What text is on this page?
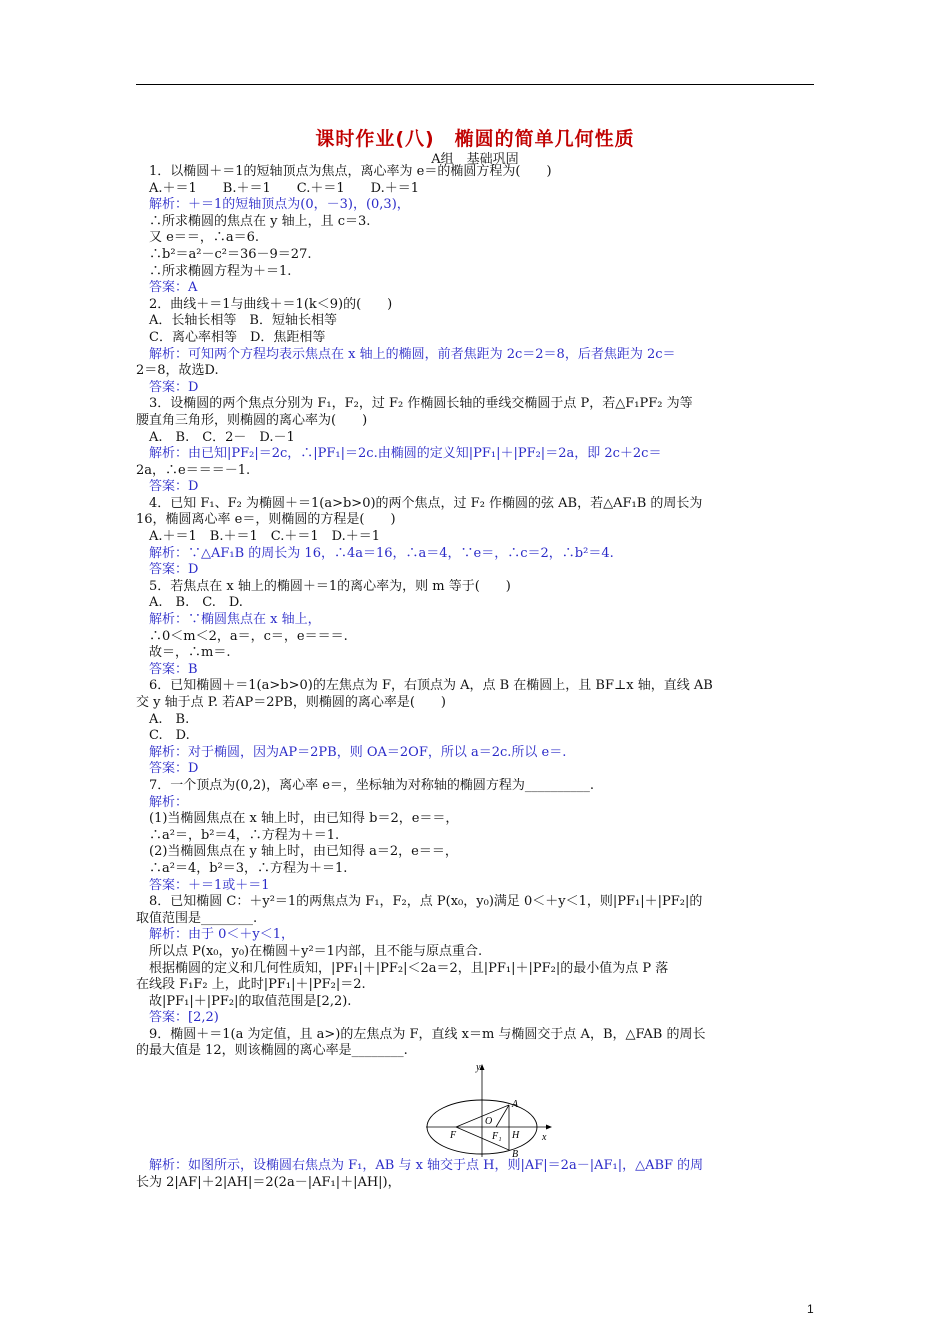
课时作业(八)　椭圆的简单几何性质
A组　基础巩固
　1．以椭圆＋＝1的短轴顶点为焦点，离心率为 e＝的椭圆方程为(　　)
　A.＋＝1　　B.＋＝1　　C.＋＝1　　D.＋＝1
　解析：＋＝1的短轴顶点为(0，－3)，(0,3)，
　∴所求椭圆的焦点在 y 轴上，且 c＝3.
　又 e＝＝，∴a＝6.
　∴b²＝a²－c²＝36－9＝27.
　∴所求椭圆方程为＋＝1.
　答案：A
　2．曲线＋＝1与曲线＋＝1(k＜9)的(　　)
　A．长轴长相等　B．短轴长相等
　C．离心率相等　D．焦距相等
　解析：可知两个方程均表示焦点在 x 轴上的椭圆，前者焦距为 2c＝2＝8，后者焦距为 2c＝
2＝8，故选D.
　答案：D
　3．设椭圆的两个焦点分别为 F₁，F₂，过 F₂ 作椭圆长轴的垂线交椭圆于点 P，若△F₁PF₂ 为等
腰直角三角形，则椭圆的离心率为(　　)
　A.　B.　C．2－　D.－1
　解析：由已知|PF₂|＝2c，∴|PF₁|＝2c.由椭圆的定义知|PF₁|＋|PF₂|＝2a，即 2c＋2c＝
2a，∴e＝＝＝－1.
　答案：D
　4．已知 F₁、F₂ 为椭圆＋＝1(a>b>0)的两个焦点，过 F₂ 作椭圆的弦 AB，若△AF₁B 的周长为
16，椭圆离心率 e＝，则椭圆的方程是(　　)
　A.＋＝1　B.＋＝1　C.＋＝1　D.＋＝1
　解析：∵△AF₁B 的周长为 16，∴4a＝16，∴a＝4，∵e＝，∴c＝2，∴b²＝4.
　答案：D
　5．若焦点在 x 轴上的椭圆＋＝1的离心率为，则 m 等于(　　)
　A.　B.　C.　D.
　解析：∵椭圆焦点在 x 轴上，
　∴0＜m＜2，a＝，c＝，e＝＝＝.
　故＝，∴m＝.
　答案：B
　6．已知椭圆＋＝1(a>b>0)的左焦点为 F，右顶点为 A，点 B 在椭圆上，且 BF⊥x 轴，直线 AB
交 y 轴于点 P. 若AP＝2PB，则椭圆的离心率是(　　)
　A.　B.
　C.　D.
　解析：对于椭圆，因为AP＝2PB，则 OA＝2OF，所以 a＝2c.所以 e＝.
　答案：D
　7．一个顶点为(0,2)，离心率 e＝，坐标轴为对称轴的椭圆方程为__________.
　解析：
　(1)当椭圆焦点在 x 轴上时，由已知得 b＝2，e＝＝，
　∴a²＝，b²＝4，∴方程为＋＝1.
　(2)当椭圆焦点在 y 轴上时，由已知得 a＝2，e＝＝，
　∴a²＝4，b²＝3，∴方程为＋＝1.
　答案：＋＝1或＋＝1
　8．已知椭圆 C：＋y²＝1的两焦点为 F₁，F₂，点 P(x₀，y₀)满足 0＜＋y＜1，则|PF₁|＋|PF₂|的
取值范围是________.
　解析：由于 0＜＋y＜1，
　所以点 P(x₀，y₀)在椭圆＋y²＝1内部，且不能与原点重合.
　根据椭圆的定义和几何性质知，|PF₁|＋|PF₂|＜2a＝2，且|PF₁|＋|PF₂|的最小值为点 P 落
在线段 F₁F₂ 上，此时|PF₁|＋|PF₂|＝2.
　故|PF₁|＋|PF₂|的取值范围是[2,2).
　答案：[2,2)
　9．椭圆＋＝1(a 为定值，且 a>)的左焦点为 F，直线 x＝m 与椭圆交于点 A，B，△FAB 的周长
的最大值是 12，则该椭圆的离心率是________.
y
x
A
B
O
F	F₁ H
　解析：如图所示，设椭圆右焦点为 F₁，AB 与 x 轴交于点 H，则|AF|＝2a－|AF₁|，△ABF 的周
长为 2|AF|＋2|AH|＝2(2a－|AF₁|＋|AH|)，
1
